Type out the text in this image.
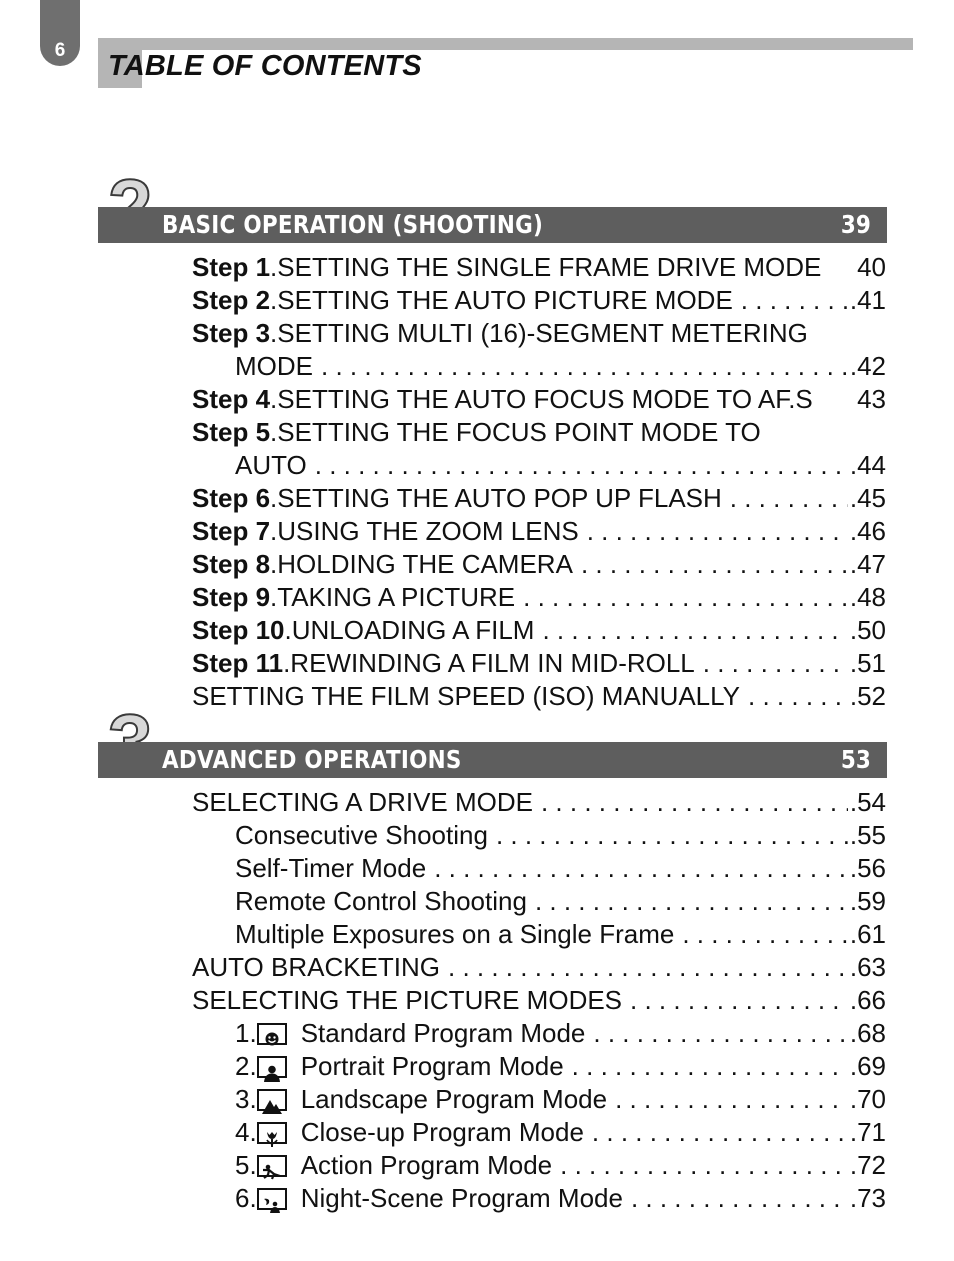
6 TABLE OF CONTENTS
BASIC OPERATION (SHOOTING)	39
Step 1.SETTING THE SINGLE FRAME DRIVE MODE 40
Step 2.SETTING THE AUTO PICTURE MODE . . .	.41
Step 3.SETTING MULTI (16)-SEGMENT METERING
MODE . . .	.42
Step 4.SETTING THE AUTO FOCUS MODE TO AF.S 43
Step 5.SETTING THE FOCUS POINT MODE TO
AUTO . . .	.44
Step 6.SETTING THE AUTO POP UP FLASH . . .	.45
Step 7.USING THE ZOOM LENS . . .	.46
Step 8.HOLDING THE CAMERA . . .	.47
Step 9.TAKING A PICTURE . . .	.48
Step 10.UNLOADING A FILM . . .	.50
Step 11.REWINDING A FILM IN MID-ROLL . . .	.51
SETTING THE FILM SPEED (ISO) MANUALLY . . .	.52
ADVANCED OPERATIONS	53
SELECTING A DRIVE MODE . . .	.54
Consecutive Shooting . . .	.55
Self-Timer Mode . . .	.56
Remote Control Shooting . . .	.59
Multiple Exposures on a Single Frame . . .	.61
AUTO BRACKETING . . .	.63
SELECTING THE PICTURE MODES . . .	.66
1. Standard Program Mode . . .	.68
2. Portrait Program Mode . . .	.69
3. Landscape Program Mode . . .	.70
4. Close-up Program Mode . . .	.71
5. Action Program Mode . . .	.72
6. Night-Scene Program Mode . . .	.73
